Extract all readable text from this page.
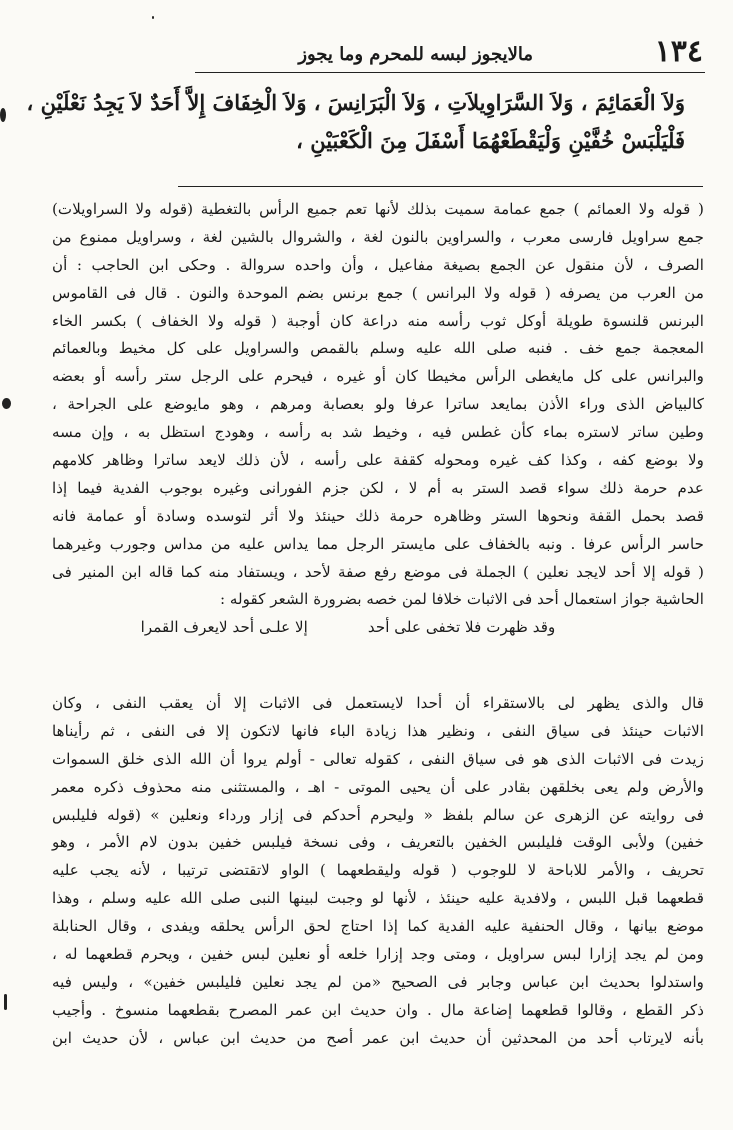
١٣٤
مالايجوز لبسه للمحرم وما يجوز
وَلاَ الْعَمَائِمَ ، وَلاَ السَّرَاوِيلاَتِ ، وَلاَ الْبَرَانِسَ ، وَلاَ الْخِفَافَ إِلاَّ أَحَدٌ لاَ يَجِدُ نَعْلَيْنِ ،
فَلْيَلْبَسْ خُفَّيْنِ وَلْيَقْطَعْهُمَا أَسْفَلَ مِنَ الْكَعْبَيْنِ ،
( قوله ولا العمائم ) جمع عمامة سميت بذلك لأنها تعم جميع الرأس بالتغطية (قوله ولا السراويلات)
جمع سراويل فارسى معرب ، والسراوين بالنون لغة ، والشروال بالشين لغة ، وسراويل ممنوع من
الصرف ، لأن منقول عن الجمع بصيغة مفاعيل ، وأن واحده سروالة . وحكى ابن الحاجب : أن
من العرب من يصرفه ( قوله ولا البرانس ) جمع برنس بضم الموحدة والنون . قال فى القاموس
البرنس قلنسوة طويلة أوكل ثوب رأسه منه دراعة كان أوجبة ( قوله ولا الخفاف ) بكسر الخاء
المعجمة جمع خف . فنبه صلى الله عليه وسلم بالقمص والسراويل على كل مخيط وبالعمائم
والبرانس على كل مايغطى الرأس مخيطا كان أو غيره ، فيحرم على الرجل ستر رأسه أو بعضه
كالبياض الذى وراء الأذن بمايعد ساترا عرفا ولو بعصابة ومرهم ، وهو مايوضع على الجراحة ،
وطين ساتر لاستره بماء كأن غطس فيه ، وخيط شد به رأسه ، وهودج استظل به ، وإن مسه
ولا بوضع كفه ، وكذا كف غيره ومحوله كقفة على رأسه ، لأن ذلك لايعد ساترا وظاهر كلامهم
عدم حرمة ذلك سواء قصد الستر به أم لا ، لكن جزم الفورانى وغيره بوجوب الفدية فيما إذا
قصد بحمل القفة ونحوها الستر وظاهره حرمة ذلك حينئذ ولا أثر لتوسده وسادة أو عمامة فانه
حاسر الرأس عرفا . ونبه بالخفاف على مايستر الرجل مما يداس عليه من مداس وجورب وغيرهما
( قوله إلا أحد لايجد نعلين ) الجملة فى موضع رفع صفة لأحد ، ويستفاد منه كما قاله ابن المنير فى
الحاشية جواز استعمال أحد فى الاثبات خلافا لمن خصه بضرورة الشعر كقوله :
وقد ظهرت فلا تخفى على أحد
إلا علـى أحد لايعرف القمرا
قال والذى يظهر لى بالاستقراء أن أحدا لايستعمل فى الاثبات إلا أن يعقب النفى ، وكان
الاثبات حينئذ فى سياق النفى ، ونظير هذا زيادة الباء فانها لاتكون إلا فى النفى ، ثم رأيناها
زيدت فى الاثبات الذى هو فى سياق النفى ، كقوله تعالى - أولم يروا أن الله الذى خلق السموات
والأرض ولم يعى بخلقهن بقادر على أن يحيى الموتى - اهـ ، والمستثنى منه محذوف ذكره معمر
فى روايته عن الزهرى عن سالم بلفظ « وليحرم أحدكم فى إزار ورداء ونعلين » (قوله فليلبس
خفين) ولأبى الوقت فليلبس الخفين بالتعريف ، وفى نسخة فيلبس خفين بدون لام الأمر ، وهو
تحريف ، والأمر للاباحة لا للوجوب ( قوله وليقطعهما ) الواو لاتقتضى ترتيبا ، لأنه يجب عليه
قطعهما قبل اللبس ، ولافدية عليه حينئذ ، لأنها لو وجبت لبينها النبى صلى الله عليه وسلم ، وهذا
موضع بيانها ، وقال الحنفية عليه الفدية كما إذا احتاج لحق الرأس يحلقه ويفدى ، وقال الحنابلة
ومن لم يجد إزارا لبس سراويل ، ومتى وجد إزارا خلعه أو نعلين لبس خفين ، ويحرم قطعهما له ،
واستدلوا بحديث ابن عباس وجابر فى الصحيح «من لم يجد نعلين فليلبس خفين» ، وليس فيه
ذكر القطع ، وقالوا قطعهما إضاعة مال . وان حديث ابن عمر المصرح بقطعهما منسوخ . وأجيب
بأنه لايرتاب أحد من المحدثين أن حديث ابن عمر أصح من حديث ابن عباس ، لأن حديث ابن
